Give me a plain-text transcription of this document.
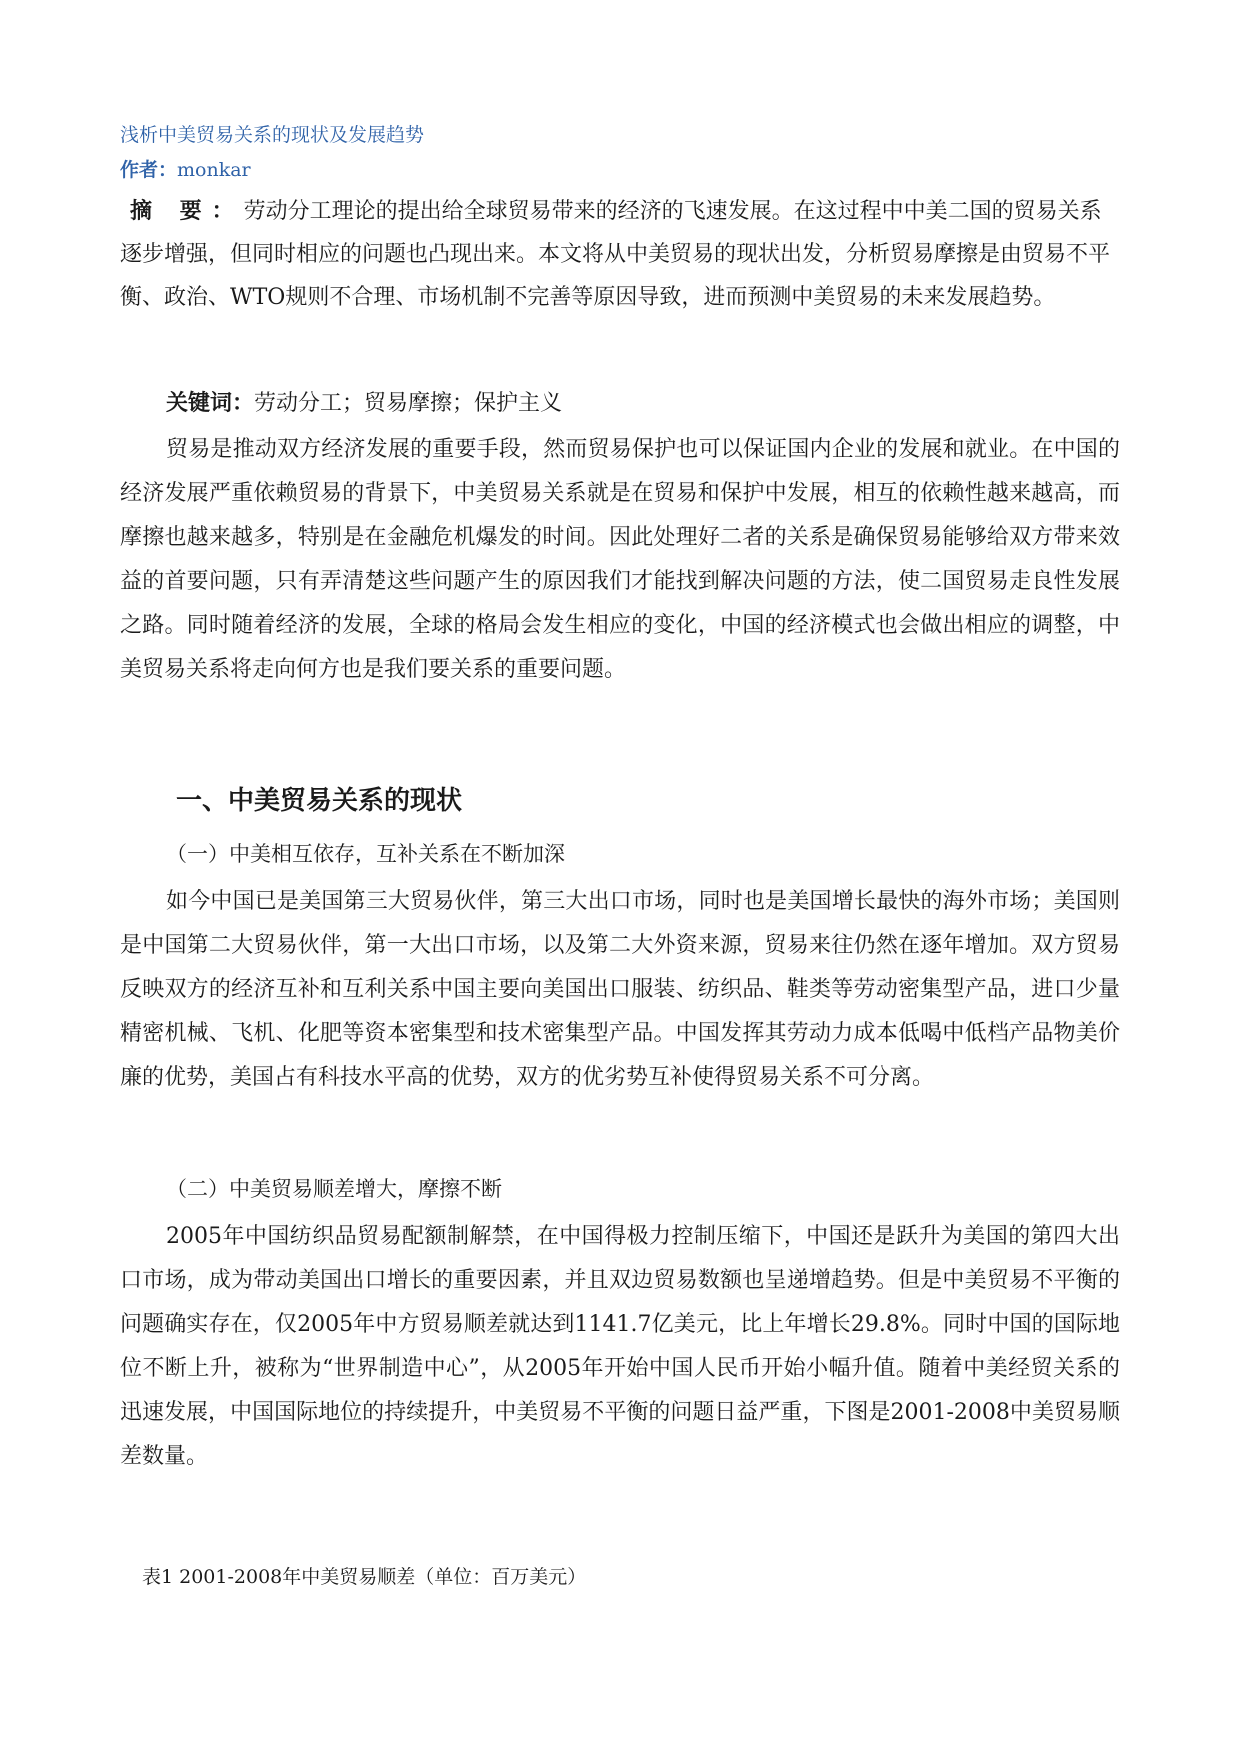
浅析中美贸易关系的现状及发展趋势
作者：monkar
摘 要：劳动分工理论的提出给全球贸易带来的经济的飞速发展。在这过程中中美二国的贸易关系逐步增强，但同时相应的问题也凸现出来。本文将从中美贸易的现状出发，分析贸易摩擦是由贸易不平衡、政治、WTO规则不合理、市场机制不完善等原因导致，进而预测中美贸易的未来发展趋势。
关键词：劳动分工；贸易摩擦；保护主义

贸易是推动双方经济发展的重要手段，然而贸易保护也可以保证国内企业的发展和就业。在中国的经济发展严重依赖贸易的背景下，中美贸易关系就是在贸易和保护中发展，相互的依赖性越来越高，而摩擦也越来越多，特别是在金融危机爆发的时间。因此处理好二者的关系是确保贸易能够给双方带来效益的首要问题，只有弄清楚这些问题产生的原因我们才能找到解决问题的方法，使二国贸易走良性发展之路。同时随着经济的发展，全球的格局会发生相应的变化，中国的经济模式也会做出相应的调整，中美贸易关系将走向何方也是我们要关系的重要问题。

一、中美贸易关系的现状
（一）中美相互依存，互补关系在不断加深

如今中国已是美国第三大贸易伙伴，第三大出口市场，同时也是美国增长最快的海外市场；美国则是中国第二大贸易伙伴，第一大出口市场，以及第二大外资来源，贸易来往仍然在逐年增加。双方贸易反映双方的经济互补和互利关系中国主要向美国出口服装、纺织品、鞋类等劳动密集型产品，进口少量精密机械、飞机、化肥等资本密集型和技术密集型产品。中国发挥其劳动力成本低喝中低档产品物美价廉的优势，美国占有科技水平高的优势，双方的优劣势互补使得贸易关系不可分离。

（二）中美贸易顺差增大，摩擦不断

2005年中国纺织品贸易配额制解禁，在中国得极力控制压缩下，中国还是跃升为美国的第四大出口市场，成为带动美国出口增长的重要因素，并且双边贸易数额也呈递增趋势。但是中美贸易不平衡的问题确实存在，仅2005年中方贸易顺差就达到1141.7亿美元，比上年增长29.8%。同时中国的国际地位不断上升，被称为“世界制造中心”，从2005年开始中国人民币开始小幅升值。随着中美经贸关系的迅速发展，中国国际地位的持续提升，中美贸易不平衡的问题日益严重，下图是2001-2008中美贸易顺差数量。

表1 2001-2008年中美贸易顺差（单位：百万美元）
